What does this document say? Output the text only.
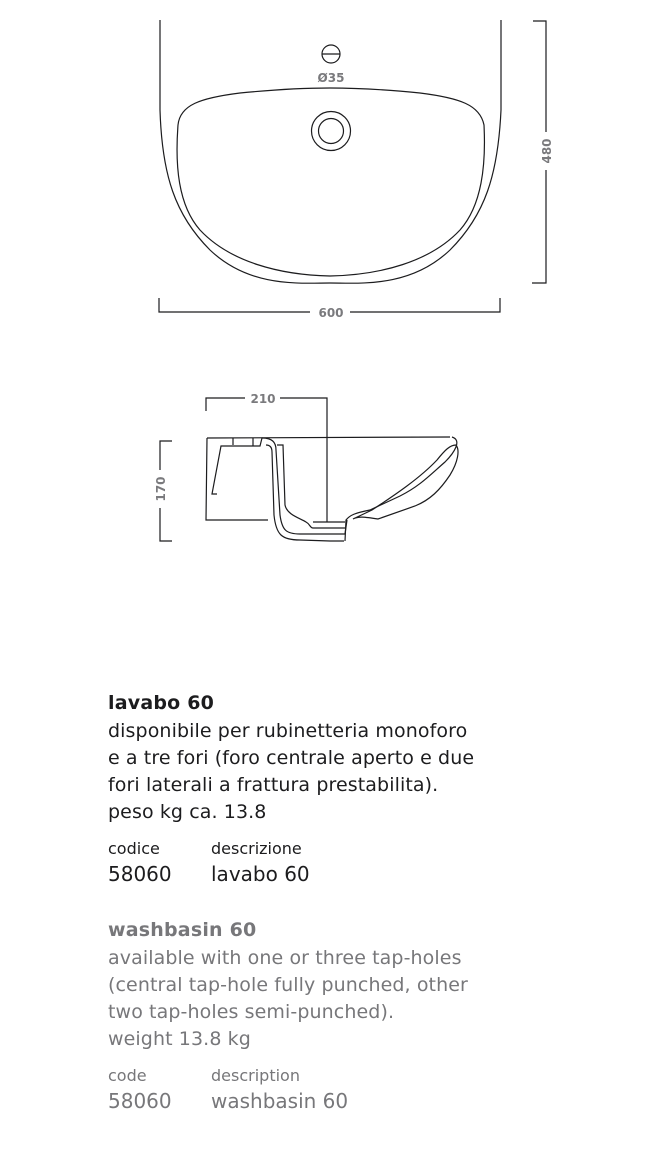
Ø35
600
480
210
170

lavabo 60

disponibile per rubinetteria monoforo

e a tre fori (foro centrale aperto e due

fori laterali a frattura prestabilita).

peso kg ca. 13.8

codice	descrizione
58060 lavabo 60

washbasin 60

available with one or three tap-holes

(central tap-hole fully punched, other

two tap-holes semi-punched).

weight 13.8 kg

code	description
58060 washbasin 60
